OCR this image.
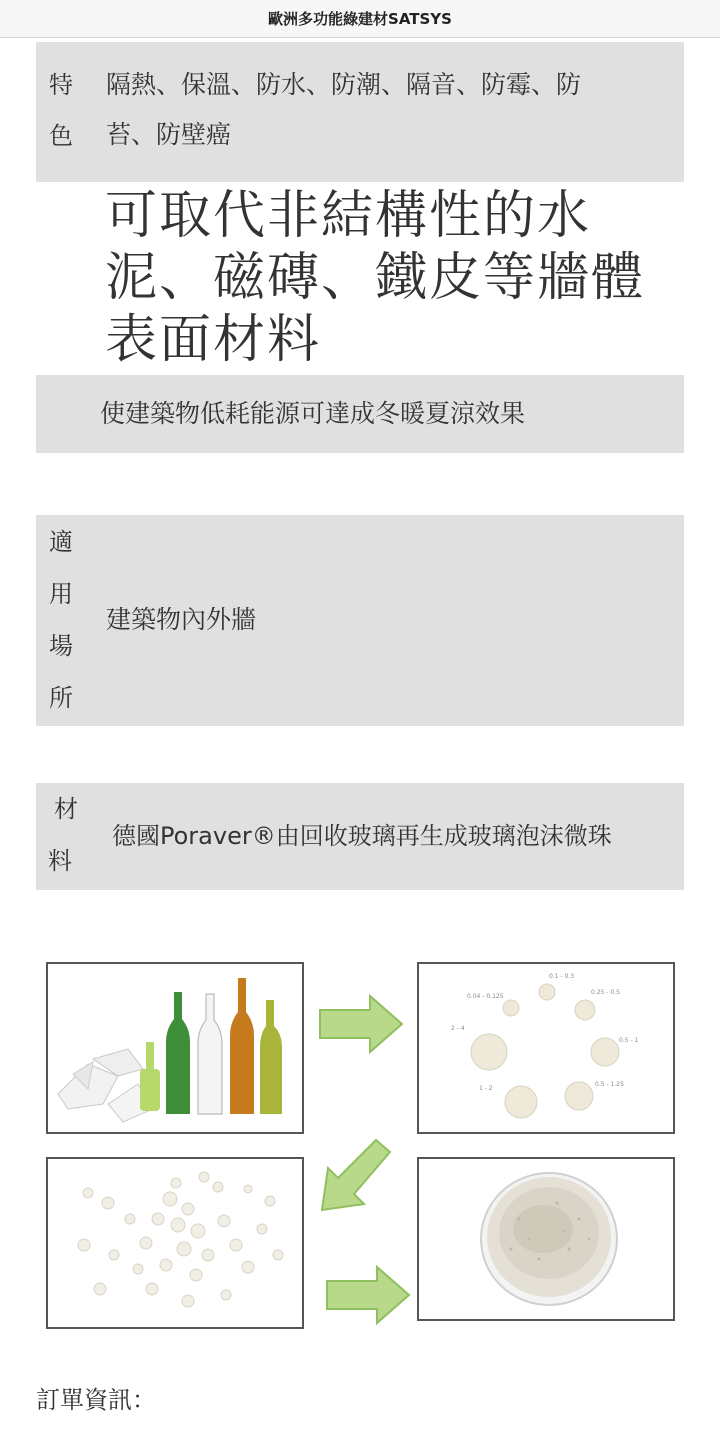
歐洲多功能綠建材SATSYS
特
色
隔熱、保溫、防水、防潮、隔音、防霉、防
苔、防壁癌
可取代非結構性的水
泥、磁磚、鐵皮等牆體
表面材料
使建築物低耗能源可達成冬暖夏涼效果
適
用
場
所
建築物內外牆
材
料
德國Poraver®由回收玻璃再生成玻璃泡沫微珠
0.1 - 0.3
0.04 - 0.125
0.25 - 0.5
2 - 4
0.5 - 1
1 - 2
0.5 - 1.25
訂單資訊：
